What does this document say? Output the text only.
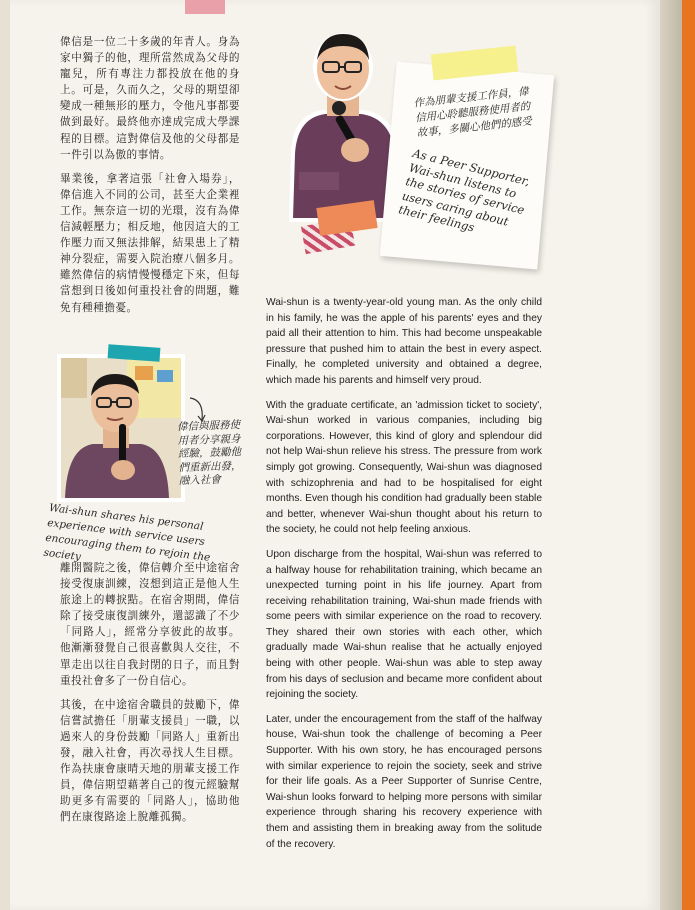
偉信是一位二十多歲的年青人。身為家中獨子的他，理所當然成為父母的寵兒，所有專注力都投放在他的身上。可是，久而久之，父母的期望卻變成一種無形的壓力，令他凡事都要做到最好。最終他亦達成完成大學課程的目標。這對偉信及他的父母都是一件引以為傲的事情。

畢業後，拿著這張「社會入場券」，偉信進入不同的公司，甚至大企業裡工作。無奈這一切的光環，沒有為偉信減輕壓力；相反地，他因這大的工作壓力而又無法排解，結果患上了精神分裂症，需要入院治療八個多月。雖然偉信的病情慢慢穩定下來，但每當想到日後如何重投社會的問題，難免有種種擔憂。

離開醫院之後，偉信轉介至中途宿舍接受復康訓練，沒想到這正是他人生旅途上的轉捩點。在宿舍期間，偉信除了接受康復訓練外，還認識了不少「同路人」，經常分享彼此的故事。他漸漸發覺自己很喜歡與人交往，不單走出以往自我封閉的日子，而且對重投社會多了一份自信心。

其後，在中途宿舍職員的鼓勵下，偉信嘗試擔任「朋輩支援員」一職，以過來人的身份鼓勵「同路人」重新出發，融入社會，再次尋找人生目標。作為扶康會康晴天地的朋輩支援工作員，偉信期望藉著自己的復元經驗幫助更多有需要的「同路人」，協助他們在康復路途上脫離孤獨。

Wai-shun is a twenty-year-old young man. As the only child in his family, he was the apple of his parents' eyes and they paid all their attention to him. This had become unspeakable pressure that pushed him to attain the best in every aspect. Finally, he completed university and obtained a degree, which made his parents and himself very proud.

With the graduate certificate, an 'admission ticket to society', Wai-shun worked in various companies, including big corporations. However, this kind of glory and splendour did not help Wai-shun relieve his stress. The pressure from work simply got growing. Consequently, Wai-shun was diagnosed with schizophrenia and had to be hospitalised for eight months. Even though his condition had gradually been stable and better, whenever Wai-shun thought about his return to the society, he could not help feeling anxious.

Upon discharge from the hospital, Wai-shun was referred to a halfway house for rehabilitation training, which became an unexpected turning point in his life journey. Apart from receiving rehabilitation training, Wai-shun made friends with some peers with similar experience on the road to recovery. They shared their own stories with each other, which gradually made Wai-shun realise that he actually enjoyed being with other people. Wai-shun was able to step away from his days of seclusion and became more confident about rejoining the society.

Later, under the encouragement from the staff of the halfway house, Wai-shun took the challenge of becoming a Peer Supporter. With his own story, he has encouraged persons with similar experience to rejoin the society, seek and strive for their life goals. As a Peer Supporter of Sunrise Centre, Wai-shun looks forward to helping more persons with similar experience through sharing his recovery experience with them and assisting them in breaking away from the solitude of the recovery.

作為朋輩支援工作員，偉信用心聆聽服務使用者的故事，多關心他們的感受
As a Peer Supporter, Wai-shun listens to the stories of service users caring about their feelings
偉信與服務使用者分享親身經驗，鼓勵他們重新出發，融入社會
Wai-shun shares his personal experience with service users encouraging them to rejoin the society
